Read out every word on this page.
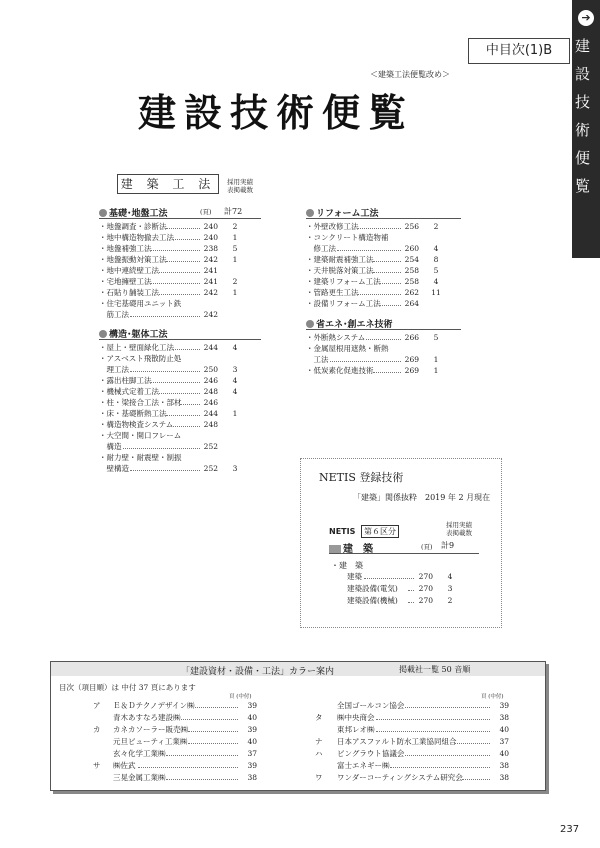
➔
建設技術便覧
中目次(1)B
＜建築工法便覧改め＞
建設技術便覧
建 築 工 法	採用実績
表掲載数
(頁) 計72
基礎･地盤工法
・地盤調査・診断法	240	2
・地中構造物撤去工法	240	1
・地盤補強工法	238	5
・地盤振動対策工法	242	1
・地中連続壁工法	241
・宅地擁壁工法	241	2
・石貼り舗装工法	242	1
・住宅基礎用ユニット鉄
　筋工法	242
構造･躯体工法
・屋上・壁面緑化工法	244	4
・アスベスト飛散防止処
　理工法	250	3
・露出柱脚工法	246	4
・機械式定着工法	248	4
・柱・梁接合工法・部材	246
・床・基礎断熱工法	244	1
・構造物検査システム	248
・大空間・開口フレーム
　構造	252
・耐力壁・耐震壁・制振
　壁構造	252	3
リフォーム工法
・外壁改修工法	256	2
・コンクリート構造物補
　修工法	260	4
・建築耐震補強工法	254	8
・天井脱落対策工法	258	5
・建築リフォーム工法	258	4
・管路更生工法	262 11
・設備リフォーム工法	264
省エネ･創エネ技術
・外断熱システム	266	5
・金属屋根用遮熱・断熱
　工法	269	1
・低炭素化促進技術	269	1
NETIS 登録技術
「建築」関係抜粋　2019 年 2 月現在
NETIS	第６区分
採用実績
表掲載数
建　築	(頁) 計9
・建　築
建築	270	4
建築設備(電気)	270	3
建築設備(機械)	270	2
「建設資材・設備・工法」カラー案内	掲載社一覧 50 音順
目次（項目順）は 中付 37 頁にあります
頁 (中付)	頁 (中付)
ア Ｅ＆Ｄテクノデザイン㈱	39
青木あすなろ建設㈱	40
カ カネカソーラー販売㈱	39
元旦ビューティ工業㈱	40
玄々化学工業㈱	37
サ ㈱佐武	39
三晃金属工業㈱	38
全国ゴールコン協会	39
タ ㈱中央商会	38
東邦レオ㈱	40
ナ 日本アスファルト防水工業協同組合	37
ハ ビングラウト協議会	40
富士エネギー㈱	38
ワ ワンダーコーティングシステム研究会	38
237
